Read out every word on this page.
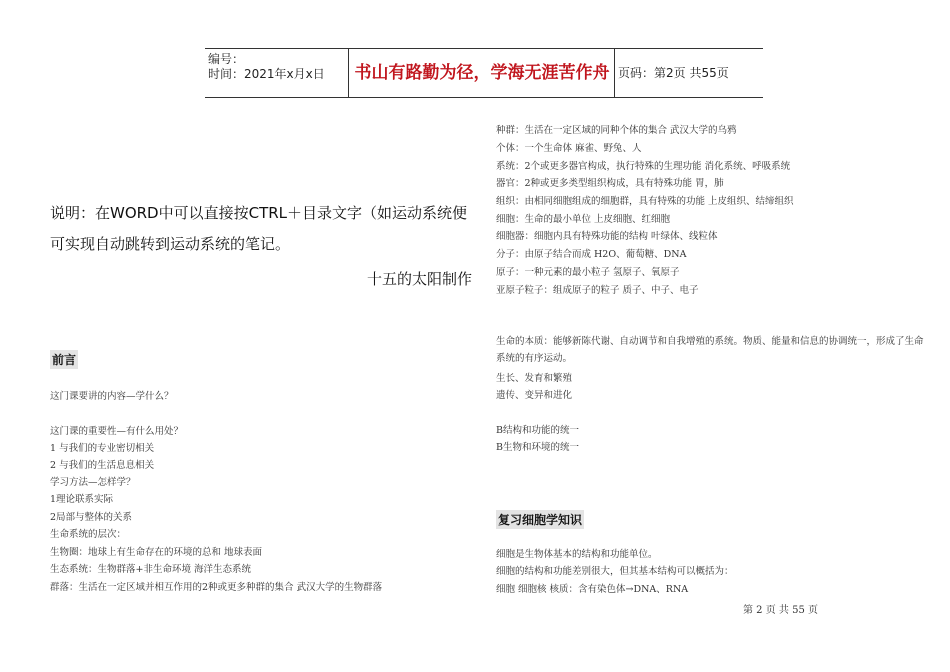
编号：
时间：2021年x月x日	书山有路勤为径，学海无涯苦作舟 页码：第2页 共55页
说明：在WORD中可以直接按CTRL＋目录文字（如运动系统便可实现自动跳转到运动系统的笔记。
十五的太阳制作
前言
这门课要讲的内容—学什么？
这门课的重要性—有什么用处？
1 与我们的专业密切相关
2 与我们的生活息息相关
学习方法—怎样学？
1理论联系实际
2局部与整体的关系
生命系统的层次：
生物圈：地球上有生命存在的环境的总和 地球表面
生态系统：生物群落+非生命环境 海洋生态系统
群落：生活在一定区域并相互作用的2种或更多种群的集合 武汉大学的生物群落
种群：生活在一定区域的同种个体的集合 武汉大学的乌鸦
个体：一个生命体 麻雀、野兔、人
系统：2个或更多器官构成，执行特殊的生理功能 消化系统、呼吸系统
器官：2种或更多类型组织构成，具有特殊功能 胃，肺
组织：由相同细胞组成的细胞群，具有特殊的功能 上皮组织、结缔组织
细胞：生命的最小单位 上皮细胞、红细胞
细胞器：细胞内具有特殊功能的结构 叶绿体、线粒体
分子：由原子结合而成 H2O、葡萄糖、DNA
原子：一种元素的最小粒子 氢原子、氧原子
亚原子粒子：组成原子的粒子 质子、中子、电子
生命的本质：能够新陈代谢、自动调节和自我增殖的系统。物质、能量和信息的协调统一，形成了生命系统的有序运动。
生长、发育和繁殖
遗传、变异和进化
B结构和功能的统一
B生物和环境的统一
复习细胞学知识
细胞是生物体基本的结构和功能单位。
细胞的结构和功能差别很大，但其基本结构可以概括为：
细胞 细胞核 核质：含有染色体→DNA、RNA
第 2 页 共 55 页
